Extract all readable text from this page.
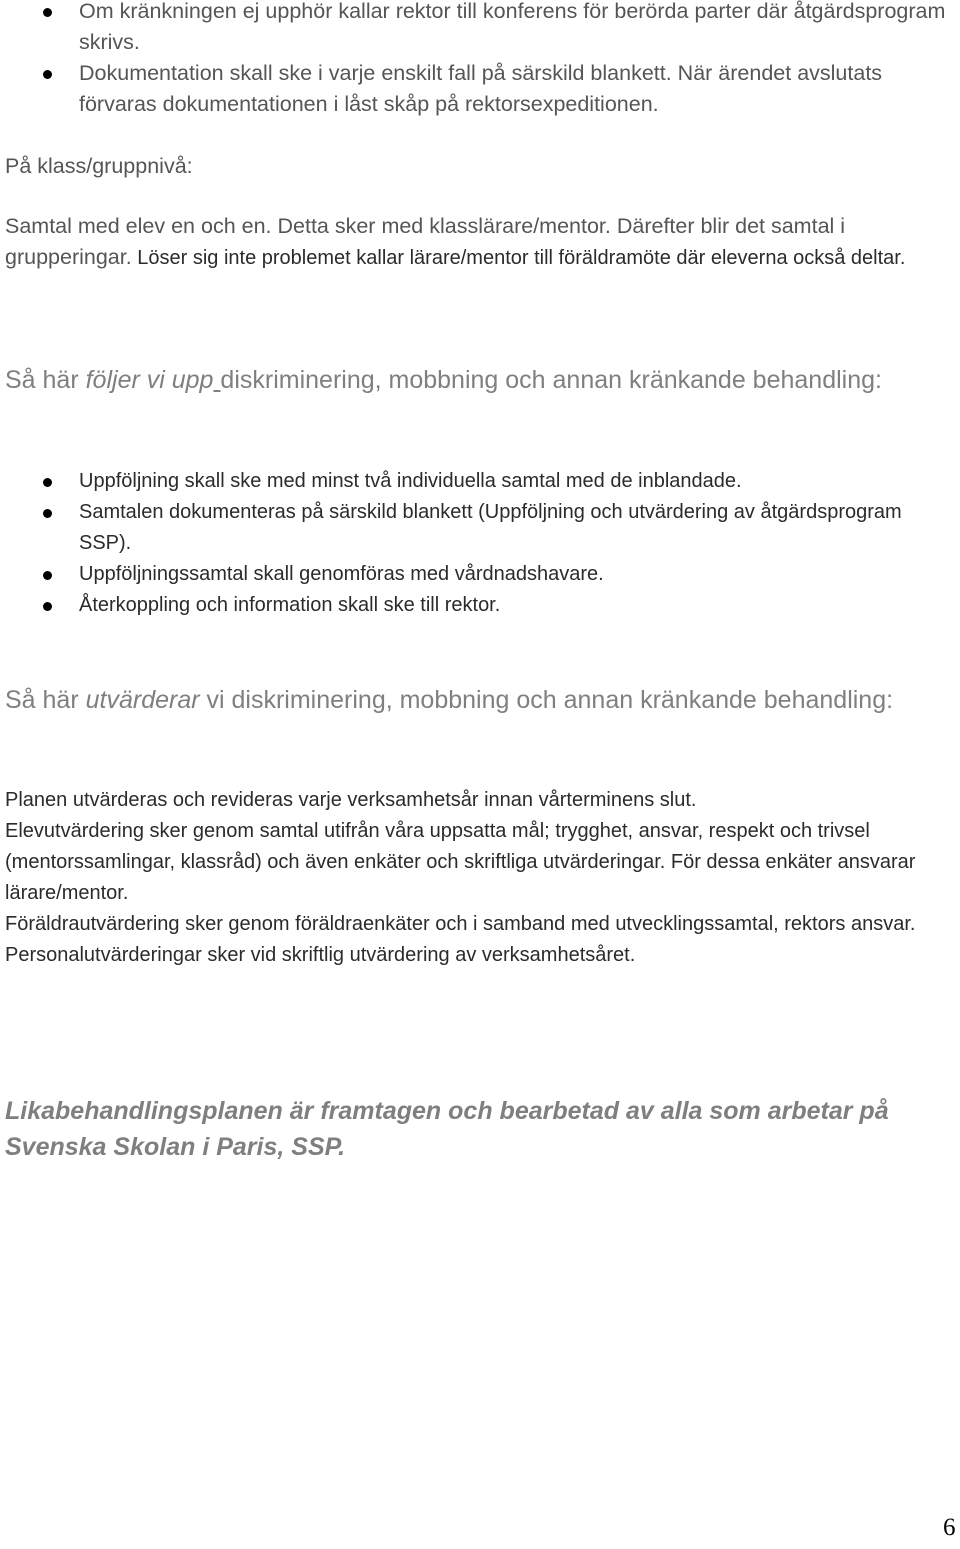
Om kränkningen ej upphör kallar rektor till konferens för berörda parter där åtgärdsprogram skrivs.
Dokumentation skall ske i varje enskilt fall på särskild blankett. När ärendet avslutats förvaras dokumentationen i låst skåp på rektorsexpeditionen.

På klass/gruppnivå:

Samtal med elev en och en. Detta sker med klasslärare/mentor. Därefter blir det samtal i grupperingar. Löser sig inte problemet kallar lärare/mentor till föräldramöte där eleverna också deltar.

Så här följer vi upp diskriminering, mobbning och annan kränkande behandling:
Uppföljning skall ske med minst två individuella samtal med de inblandade.
Samtalen dokumenteras på särskild blankett (Uppföljning och utvärdering av åtgärdsprogram SSP).
Uppföljningssamtal skall genomföras med vårdnadshavare.
Återkoppling och information skall ske till rektor.
Så här utvärderar vi diskriminering, mobbning och annan kränkande behandling:

Planen utvärderas och revideras varje verksamhetsår innan vårterminens slut.

Elevutvärdering sker genom samtal utifrån våra uppsatta mål; trygghet, ansvar, respekt och trivsel (mentorssamlingar, klassråd) och även enkäter och skriftliga utvärderingar. För dessa enkäter ansvarar lärare/mentor.

Föräldrautvärdering sker genom föräldraenkäter och i samband med utvecklingssamtal, rektors ansvar.

Personalutvärderingar sker vid skriftlig utvärdering av verksamhetsåret.

Likabehandlingsplanen är framtagen och bearbetad av alla som arbetar på Svenska Skolan i Paris, SSP.

6
